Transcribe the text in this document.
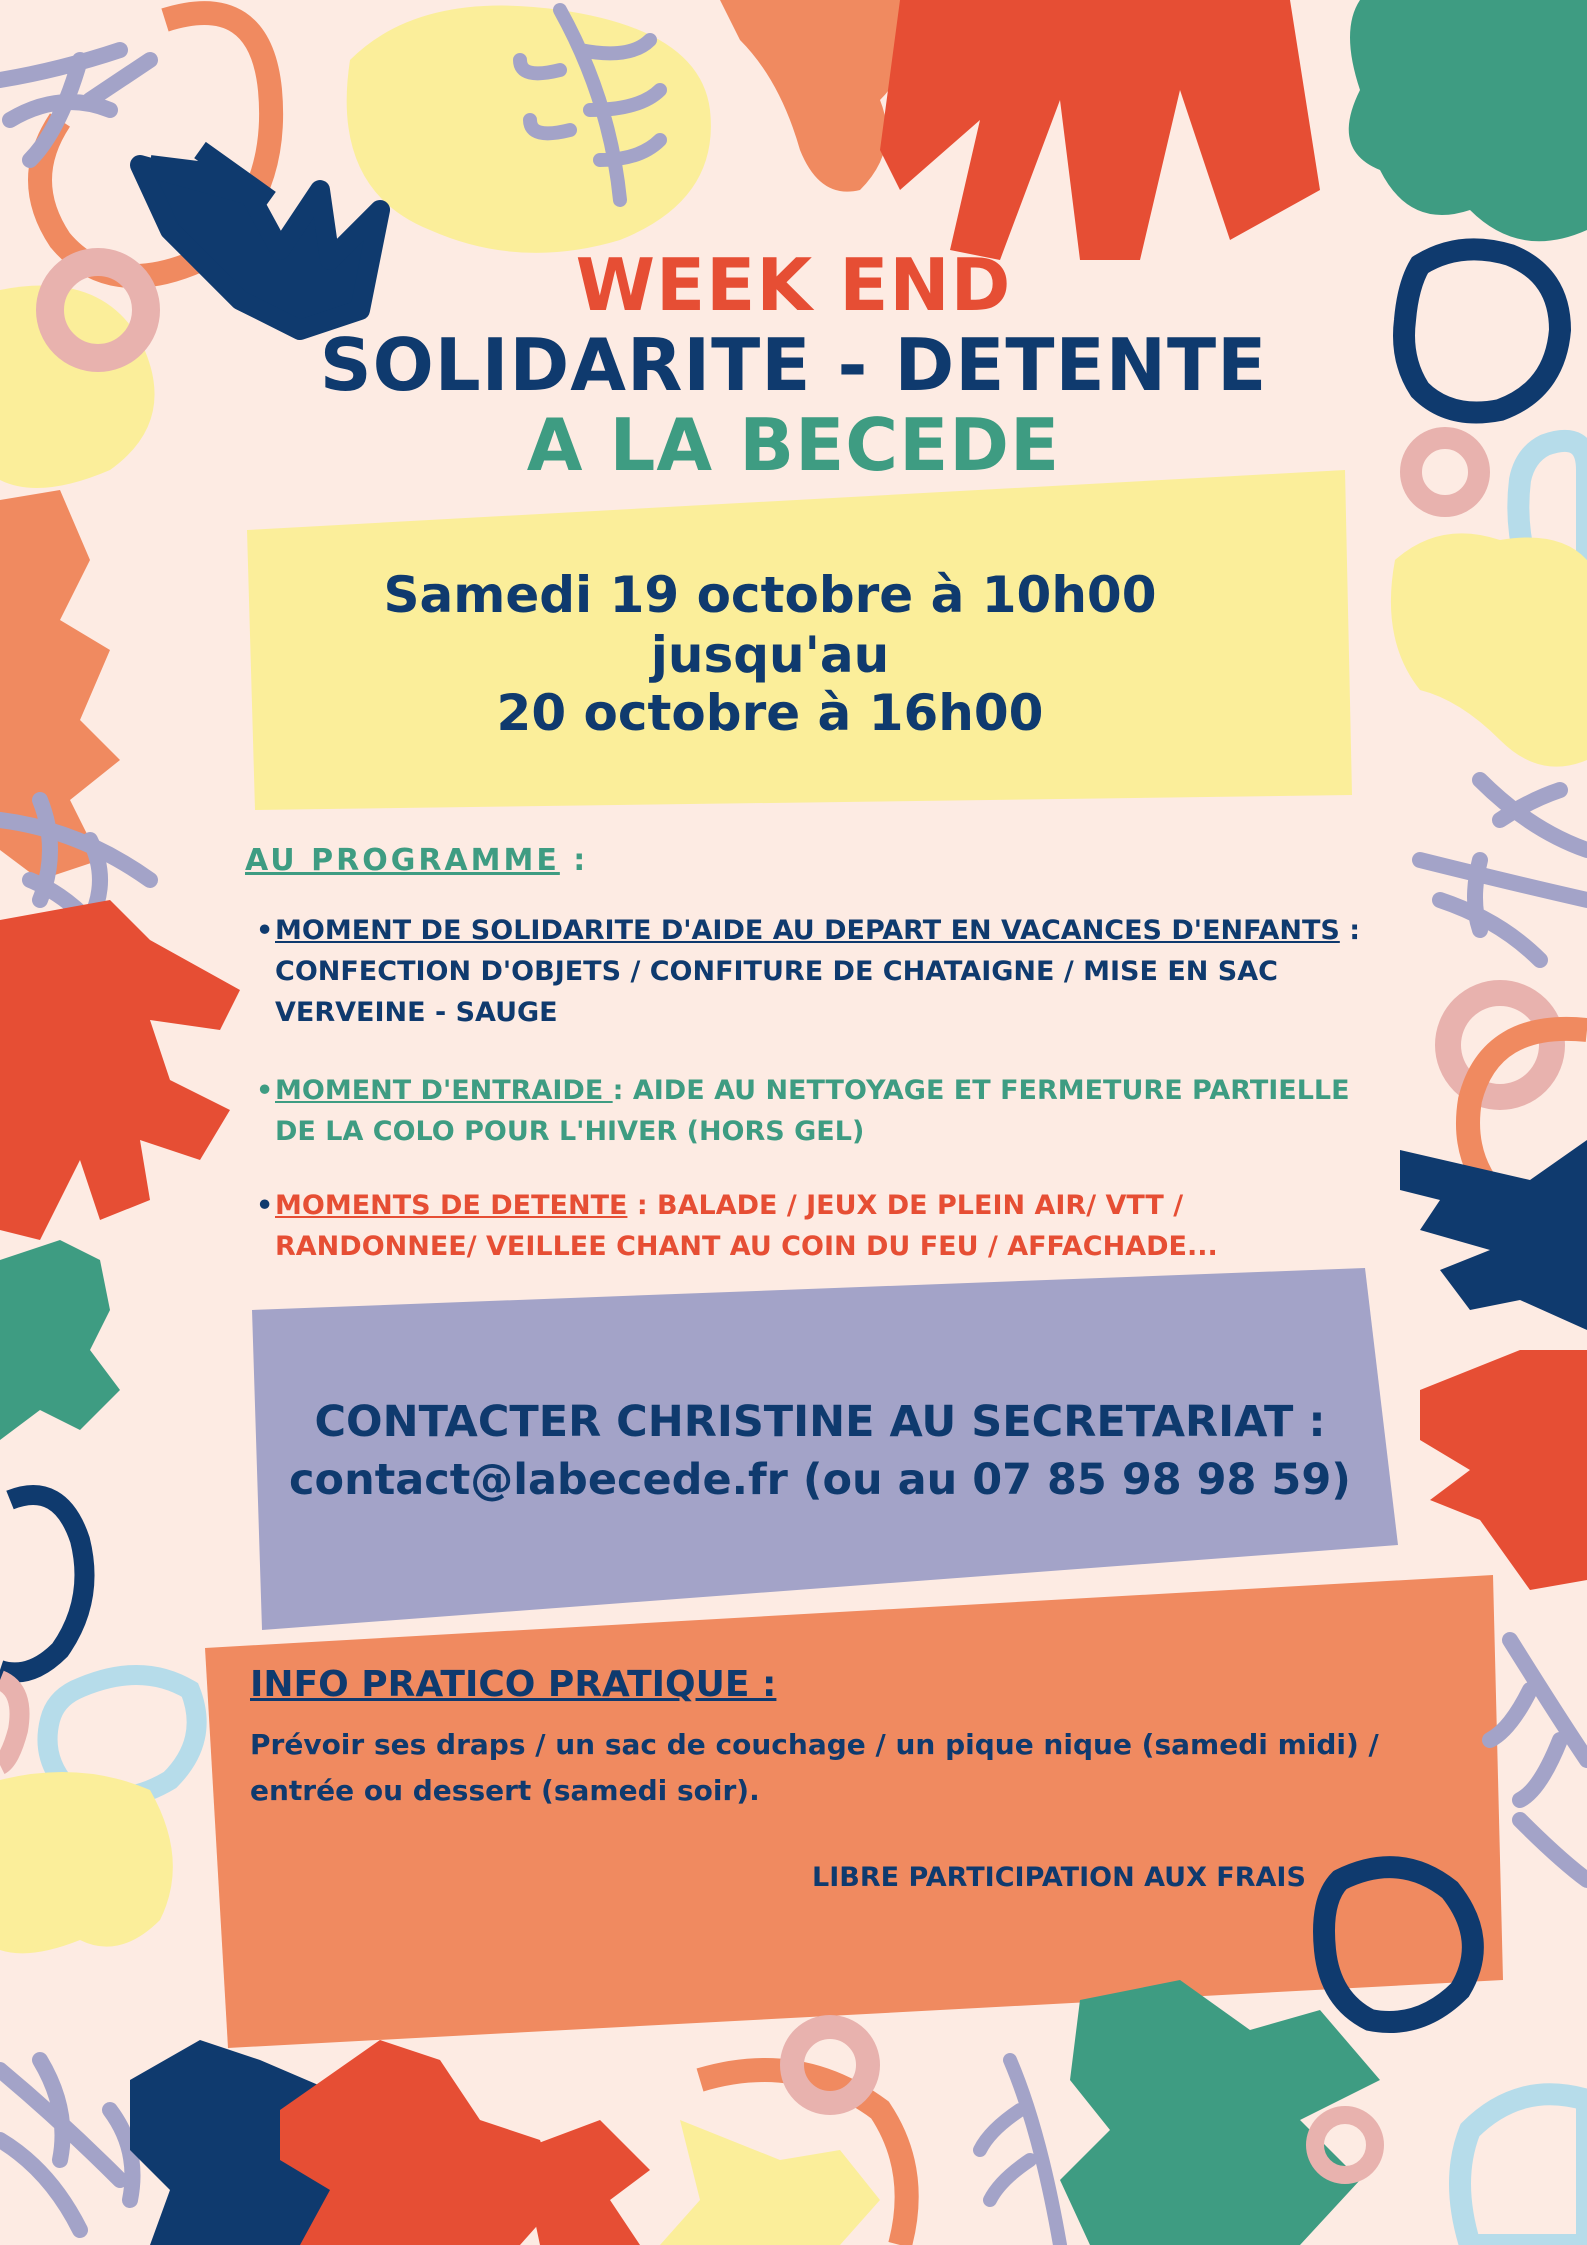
WEEK END
SOLIDARITE - DETENTE
A LA BECEDE
Samedi 19 octobre à 10h00
jusqu'au
20 octobre à 16h00
AU PROGRAMME :
• MOMENT DE SOLIDARITE D'AIDE AU DEPART EN VACANCES D'ENFANTS :
CONFECTION D'OBJETS / CONFITURE DE CHATAIGNE / MISE EN SAC
VERVEINE - SAUGE
• MOMENT D'ENTRAIDE : AIDE AU NETTOYAGE ET FERMETURE PARTIELLE
DE LA COLO POUR L'HIVER (HORS GEL)
• MOMENTS DE DETENTE : BALADE / JEUX DE PLEIN AIR/ VTT /
RANDONNEE/ VEILLEE CHANT AU COIN DU FEU / AFFACHADE...
CONTACTER CHRISTINE AU SECRETARIAT :
contact@labecede.fr (ou au 07 85 98 98 59)
INFO PRATICO PRATIQUE :
Prévoir ses draps / un sac de couchage / un pique nique (samedi midi) /
entrée ou dessert (samedi soir).
LIBRE PARTICIPATION AUX FRAIS
